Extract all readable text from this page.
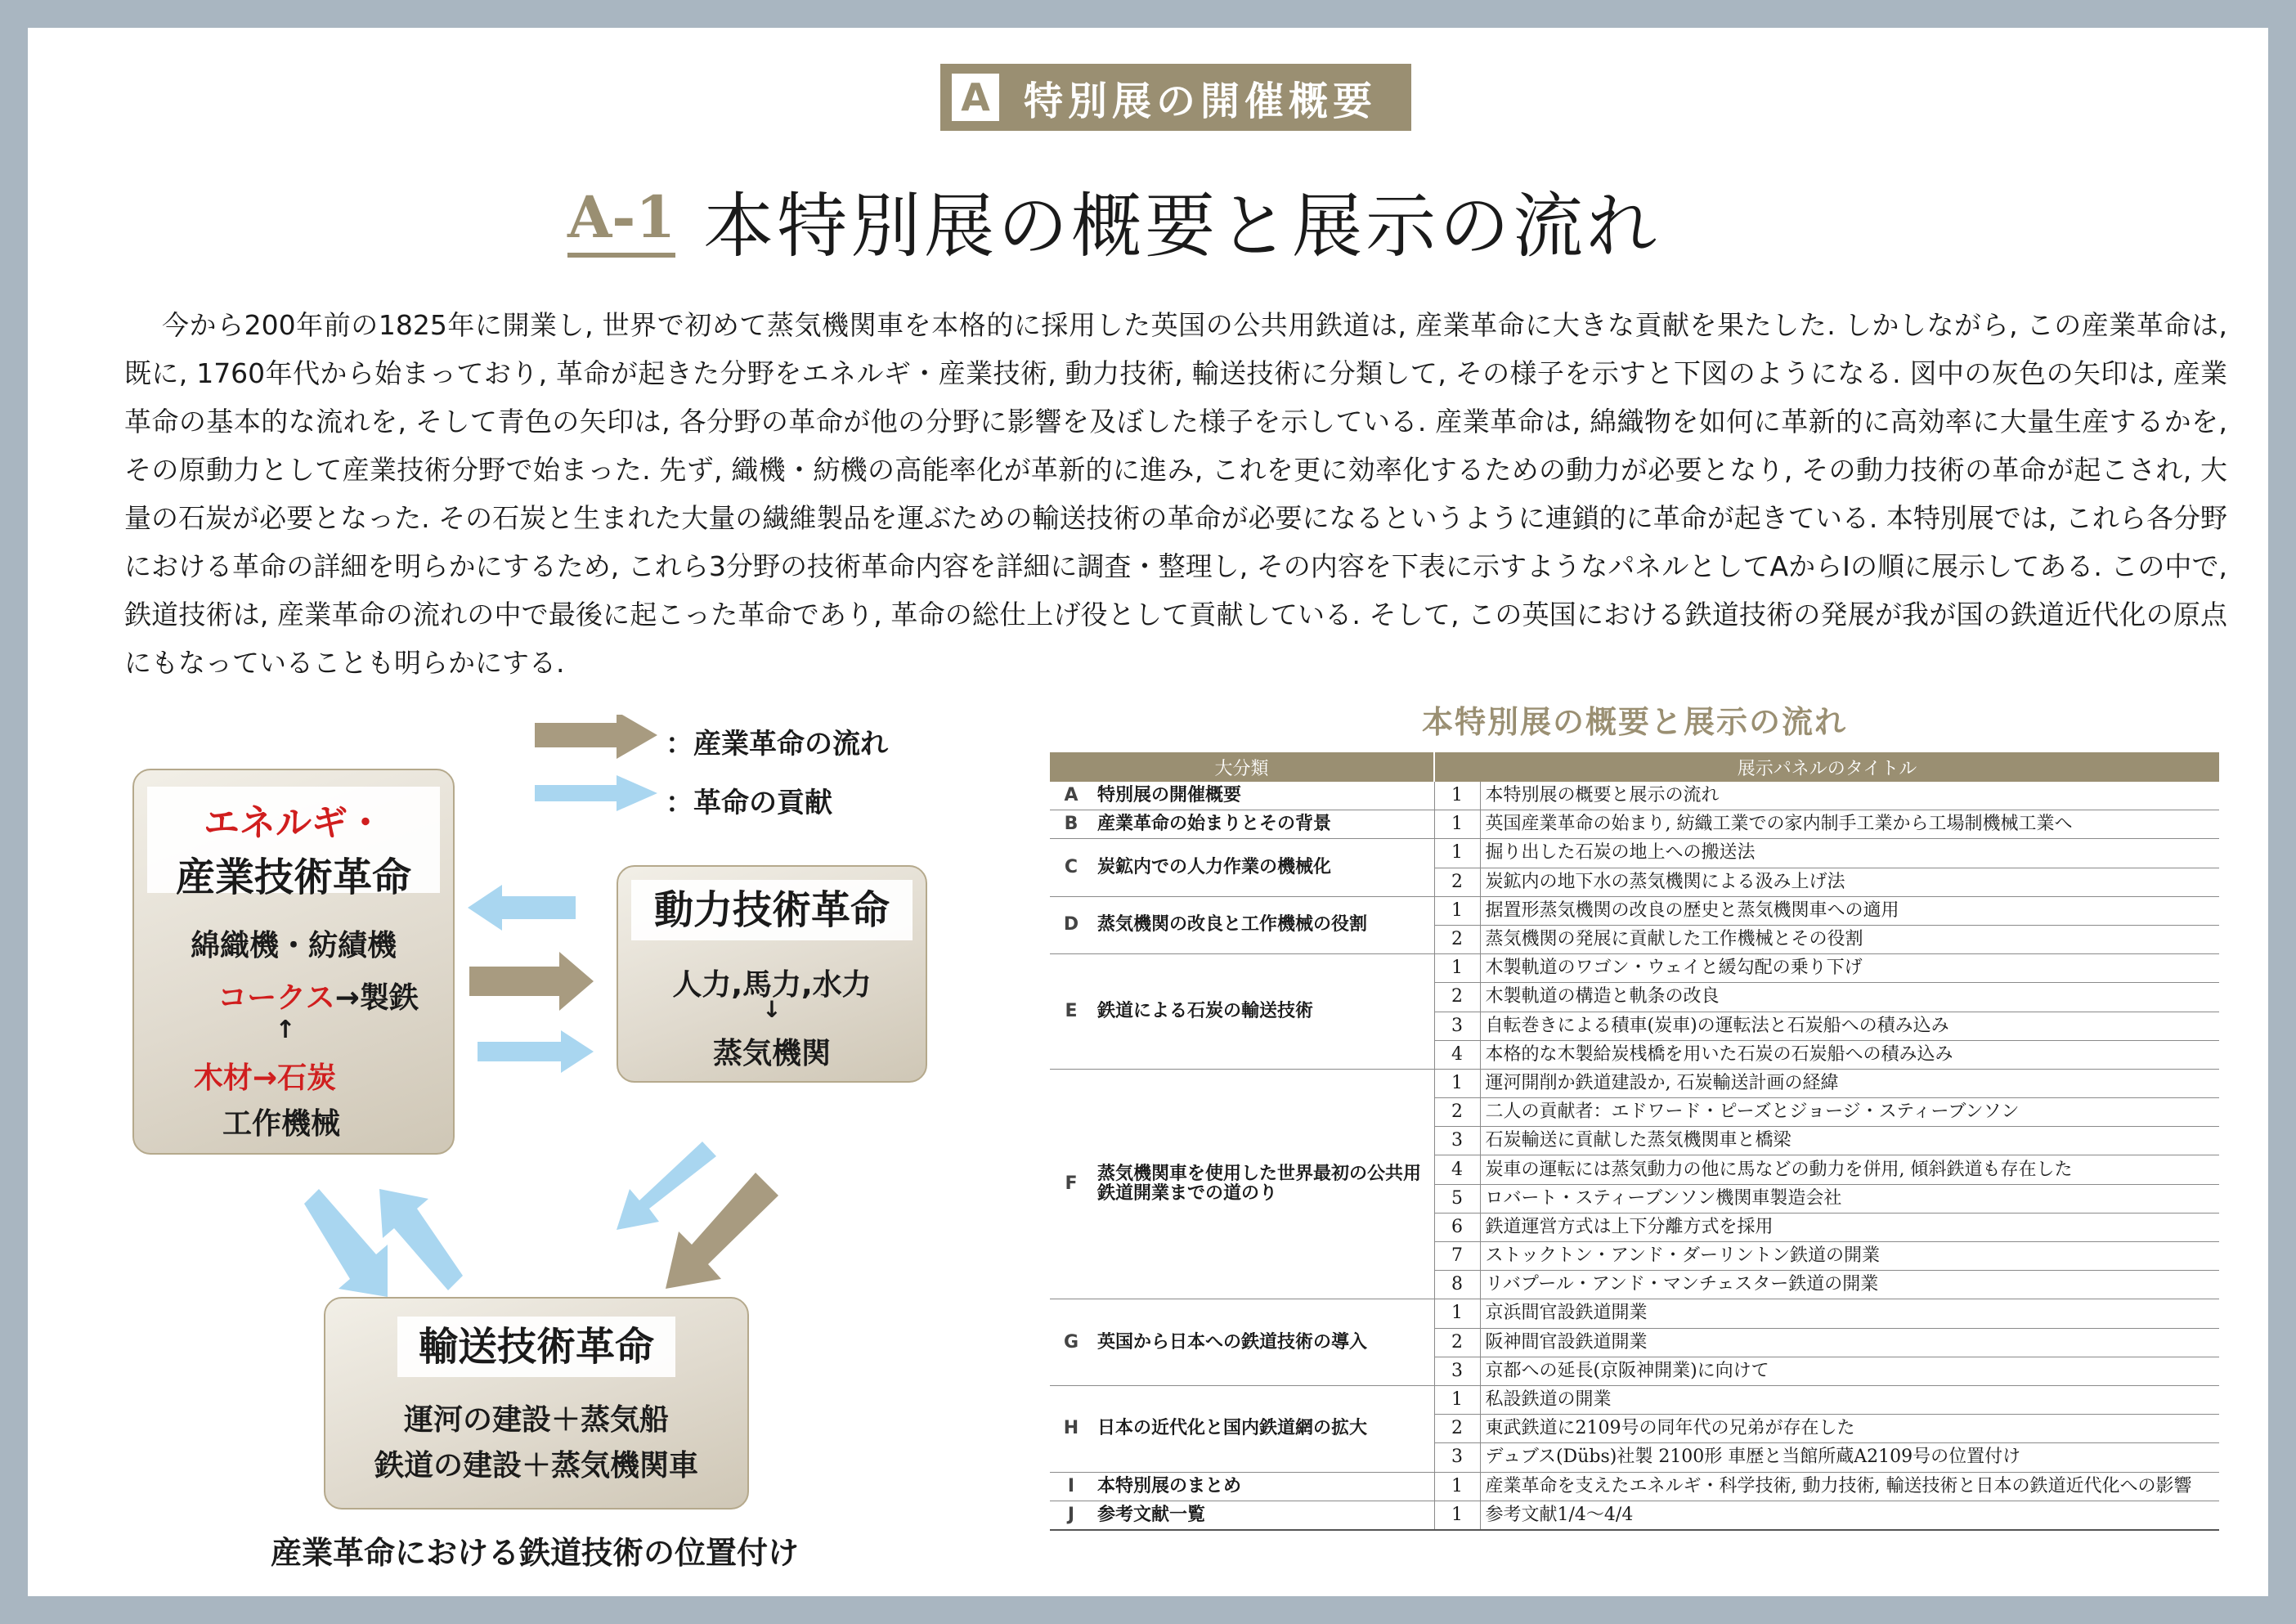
A 特別展の開催概要
A-1 本特別展の概要と展示の流れ

今から200年前の1825年に開業し, 世界で初めて蒸気機関車を本格的に採用した英国の公共用鉄道は, 産業革命に大きな貢献を果たした. しかしながら, この産業革命は, 既に, 1760年代から始まっており, 革命が起きた分野をエネルギ・産業技術, 動力技術, 輸送技術に分類して, その様子を示すと下図のようになる. 図中の灰色の矢印は, 産業革命の基本的な流れを, そして青色の矢印は, 各分野の革命が他の分野に影響を及ぼした様子を示している. 産業革命は, 綿織物を如何に革新的に高効率に大量生産するかを, その原動力として産業技術分野で始まった. 先ず, 織機・紡機の高能率化が革新的に進み, これを更に効率化するための動力が必要となり, その動力技術の革命が起こされ, 大量の石炭が必要となった. その石炭と生まれた大量の繊維製品を運ぶための輸送技術の革命が必要になるというように連鎖的に革命が起きている. 本特別展では, これら各分野における革命の詳細を明らかにするため, これら3分野の技術革命内容を詳細に調査・整理し, その内容を下表に示すようなパネルとしてAからIの順に展示してある. この中で, 鉄道技術は, 産業革命の流れの中で最後に起こった革命であり, 革命の総仕上げ役として貢献している. そして, この英国における鉄道技術の発展が我が国の鉄道近代化の原点にもなっていることも明らかにする.

：産業革命の流れ
：革命の貢献
エネルギ・
産業技術革命
綿織機・紡績機
コークス→製鉄
↑
木材→石炭
工作機械
動力技術革命
人力,馬力,水力
↓
蒸気機関
輸送技術革命
運河の建設＋蒸気船
鉄道の建設＋蒸気機関車
産業革命における鉄道技術の位置付け
本特別展の概要と展示の流れ
大分類		展示パネルのタイトル	
A	特別展の開催概要	1	本特別展の概要と展示の流れ
B	産業革命の始まりとその背景	1	英国産業革命の始まり, 紡織工業での家内制手工業から工場制機械工業へ
C	炭鉱内での人力作業の機械化	1	掘り出した石炭の地上への搬送法
		2	炭鉱内の地下水の蒸気機関による汲み上げ法
D	蒸気機関の改良と工作機械の役割	1	据置形蒸気機関の改良の歴史と蒸気機関車への適用
		2	蒸気機関の発展に貢献した工作機械とその役割
E	鉄道による石炭の輸送技術	1	木製軌道のワゴン・ウェイと緩勾配の乗り下げ
		2	木製軌道の構造と軌条の改良
		3	自転巻きによる積車(炭車)の運転法と石炭船への積み込み
		4	本格的な木製給炭桟橋を用いた石炭の石炭船への積み込み
F	蒸気機関車を使用した世界最初の公共用鉄道開業までの道のり	1	運河開削か鉄道建設か, 石炭輸送計画の経緯
		2	二人の貢献者：エドワード・ピーズとジョージ・スティーブンソン
		3	石炭輸送に貢献した蒸気機関車と橋梁
		4	炭車の運転には蒸気動力の他に馬などの動力を併用, 傾斜鉄道も存在した
		5	ロバート・スティーブンソン機関車製造会社
		6	鉄道運営方式は上下分離方式を採用
		7	ストックトン・アンド・ダーリントン鉄道の開業
		8	リバプール・アンド・マンチェスター鉄道の開業
G	英国から日本への鉄道技術の導入	1	京浜間官設鉄道開業
		2	阪神間官設鉄道開業
		3	京都への延長(京阪神開業)に向けて
H	日本の近代化と国内鉄道網の拡大	1	私設鉄道の開業
		2	東武鉄道に2109号の同年代の兄弟が存在した
		3	デュブス(Dübs)社製 2100形 車歴と当館所蔵A2109号の位置付け
I	本特別展のまとめ	1	産業革命を支えたエネルギ・科学技術, 動力技術, 輸送技術と日本の鉄道近代化への影響
J	参考文献一覧	1	参考文献1/4～4/4
